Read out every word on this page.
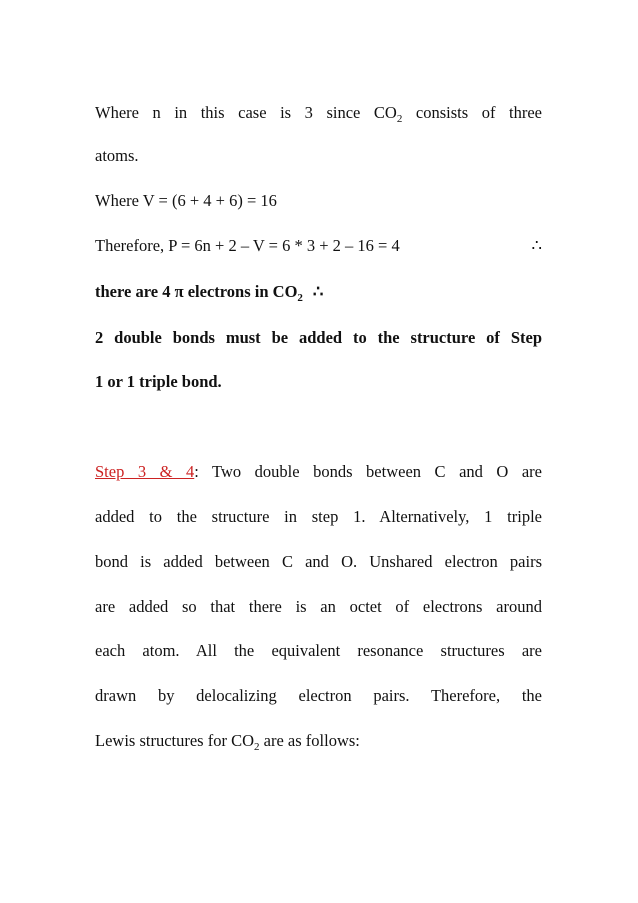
Where n in this case is 3 since $CO_2$ consists of three
atoms.
Where V = (6 + 4 + 6) = 16
Therefore, P = 6n + 2 – V = 6 * 3 + 2 – 16 = 4	∴
there are 4 π electrons in $CO_2$ ∴
2 double bonds must be added to the structure of Step
1 or 1 triple bond.
Step 3 & 4: Two double bonds between C and O are
added to the structure in step 1. Alternatively, 1 triple
bond is added between C and O. Unshared electron pairs
are added so that there is an octet of electrons around
each atom. All the equivalent resonance structures are
drawn by delocalizing electron pairs. Therefore, the
Lewis structures for $CO_2$ are as follows:
